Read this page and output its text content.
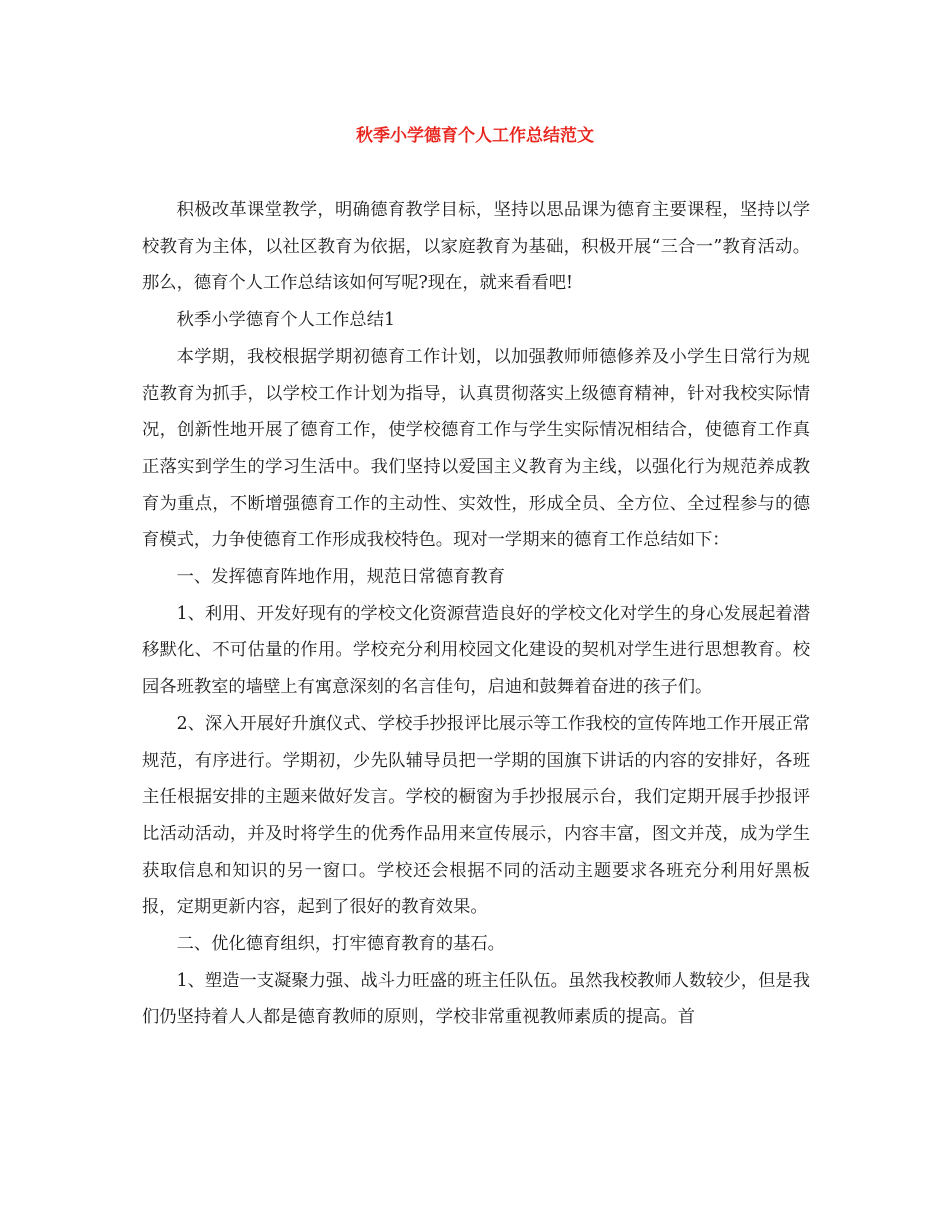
秋季小学德育个人工作总结范文

积极改革课堂教学，明确德育教学目标，坚持以思品课为德育主要课程，坚持以学校教育为主体，以社区教育为依据，以家庭教育为基础，积极开展“三合一”教育活动。那么，德育个人工作总结该如何写呢?现在，就来看看吧!

秋季小学德育个人工作总结1

本学期，我校根据学期初德育工作计划，以加强教师师德修养及小学生日常行为规范教育为抓手，以学校工作计划为指导，认真贯彻落实上级德育精神，针对我校实际情况，创新性地开展了德育工作，使学校德育工作与学生实际情况相结合，使德育工作真正落实到学生的学习生活中。我们坚持以爱国主义教育为主线，以强化行为规范养成教育为重点，不断增强德育工作的主动性、实效性，形成全员、全方位、全过程参与的德育模式，力争使德育工作形成我校特色。现对一学期来的德育工作总结如下：

一、发挥德育阵地作用，规范日常德育教育

1、利用、开发好现有的学校文化资源营造良好的学校文化对学生的身心发展起着潜移默化、不可估量的作用。学校充分利用校园文化建设的契机对学生进行思想教育。校园各班教室的墙壁上有寓意深刻的名言佳句，启迪和鼓舞着奋进的孩子们。

2、深入开展好升旗仪式、学校手抄报评比展示等工作我校的宣传阵地工作开展正常规范，有序进行。学期初，少先队辅导员把一学期的国旗下讲话的内容的安排好，各班主任根据安排的主题来做好发言。学校的橱窗为手抄报展示台，我们定期开展手抄报评比活动活动，并及时将学生的优秀作品用来宣传展示，内容丰富，图文并茂，成为学生获取信息和知识的另一窗口。学校还会根据不同的活动主题要求各班充分利用好黑板报，定期更新内容，起到了很好的教育效果。

二、优化德育组织，打牢德育教育的基石。

1、塑造一支凝聚力强、战斗力旺盛的班主任队伍。虽然我校教师人数较少，但是我们仍坚持着人人都是德育教师的原则，学校非常重视教师素质的提高。首
